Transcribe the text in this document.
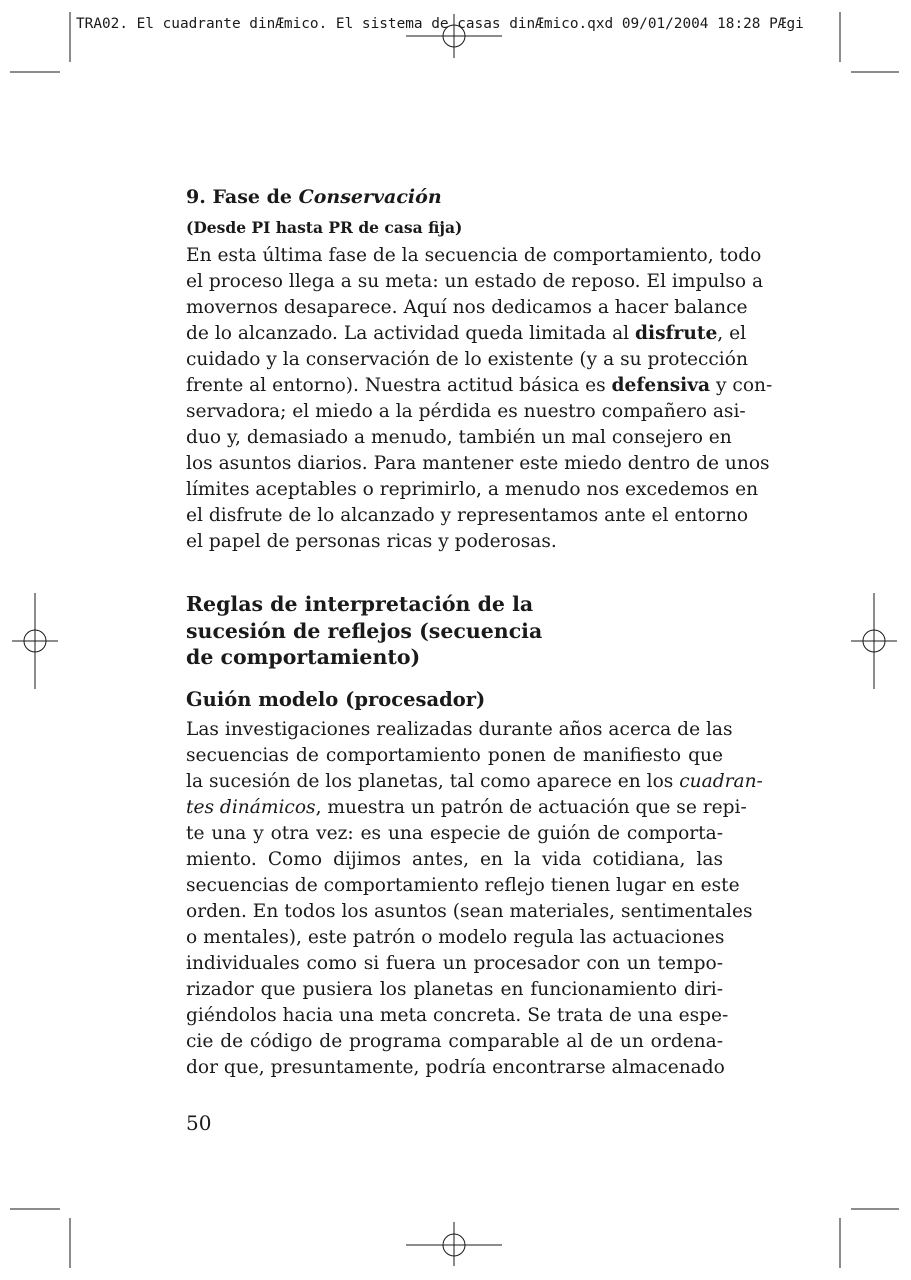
TRA02. El cuadrante dinÆmico. El sistema de casas dinÆmico.qxd 09/01/2004 18:28 PÆgi
9. Fase de Conservación
(Desde PI hasta PR de casa fija)
En esta última fase de la secuencia de comportamiento, todo
el proceso llega a su meta: un estado de reposo. El impulso a
movernos desaparece. Aquí nos dedicamos a hacer balance
de lo alcanzado. La actividad queda limitada al disfrute, el
cuidado y la conservación de lo existente (y a su protección
frente al entorno). Nuestra actitud básica es defensiva y con-
servadora; el miedo a la pérdida es nuestro compañero asi-
duo y, demasiado a menudo, también un mal consejero en
los asuntos diarios. Para mantener este miedo dentro de unos
límites aceptables o reprimirlo, a menudo nos excedemos en
el disfrute de lo alcanzado y representamos ante el entorno
el papel de personas ricas y poderosas.
Reglas de interpretación de la
sucesión de reflejos (secuencia
de comportamiento)
Guión modelo (procesador)
Las investigaciones realizadas durante años acerca de las
secuencias de comportamiento ponen de manifiesto que
la sucesión de los planetas, tal como aparece en los cuadran-
tes dinámicos, muestra un patrón de actuación que se repi-
te una y otra vez: es una especie de guión de comporta-
miento. Como dijimos antes, en la vida cotidiana, las
secuencias de comportamiento reflejo tienen lugar en este
orden. En todos los asuntos (sean materiales, sentimentales
o mentales), este patrón o modelo regula las actuaciones
individuales como si fuera un procesador con un tempo-
rizador que pusiera los planetas en funcionamiento diri-
giéndolos hacia una meta concreta. Se trata de una espe-
cie de código de programa comparable al de un ordena-
dor que, presuntamente, podría encontrarse almacenado
50
